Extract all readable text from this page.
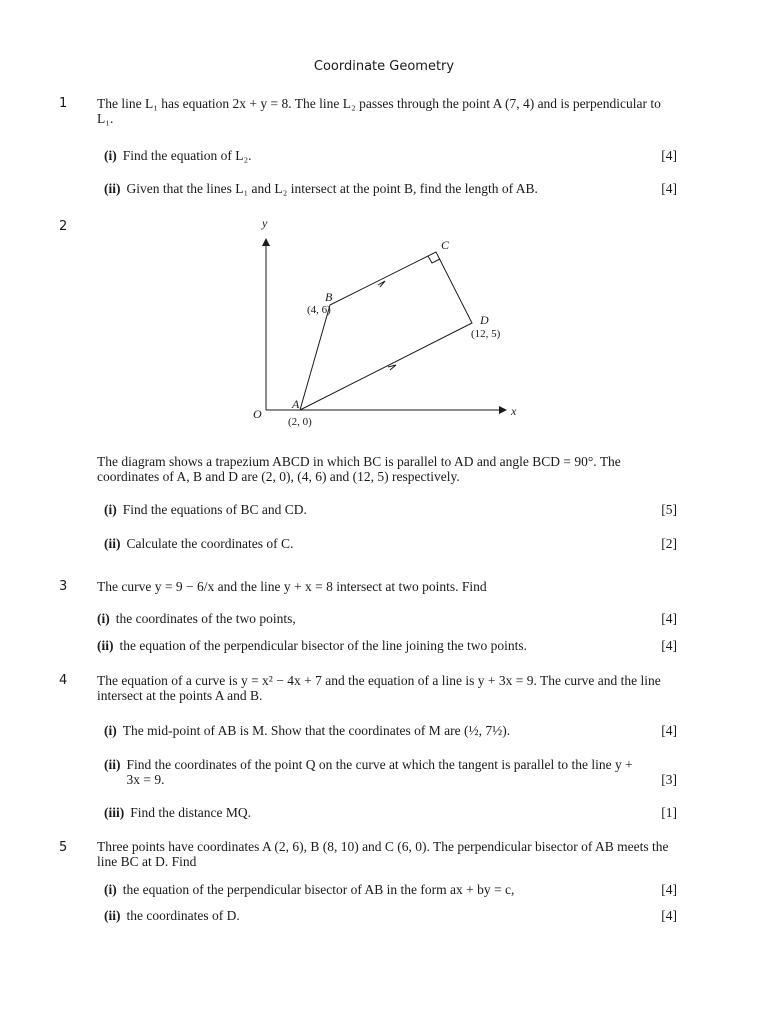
Coordinate Geometry
1 The line L₁ has equation 2x + y = 8. The line L₂ passes through the point A (7, 4) and is perpendicular to L₁.
(i) Find the equation of L₂.	[4]
(ii) Given that the lines L₁ and L₂ intersect at the point B, find the length of AB.	[4]
2	y
x
O
A
(2, 0)
B
(4, 6)
C
D
(12, 5)
The diagram shows a trapezium ABCD in which BC is parallel to AD and angle BCD = 90°. The coordinates of A, B and D are (2, 0), (4, 6) and (12, 5) respectively.
(i) Find the equations of BC and CD.	[5]
(ii) Calculate the coordinates of C.	[2]
3 The curve y = 9 − 6/x and the line y + x = 8 intersect at two points. Find
(i) the coordinates of the two points,	[4]
(ii) the equation of the perpendicular bisector of the line joining the two points.	[4]
4 The equation of a curve is y = x² − 4x + 7 and the equation of a line is y + 3x = 9. The curve and the line intersect at the points A and B.
(i) The mid-point of AB is M. Show that the coordinates of M are (½, 7½).	[4]
(ii) Find the coordinates of the point Q on the curve at which the tangent is parallel to the line y + 3x = 9.	[3]
(iii) Find the distance MQ.	[1]
5 Three points have coordinates A (2, 6), B (8, 10) and C (6, 0). The perpendicular bisector of AB meets the line BC at D. Find
(i) the equation of the perpendicular bisector of AB in the form ax + by = c,	[4]
(ii) the coordinates of D.	[4]
